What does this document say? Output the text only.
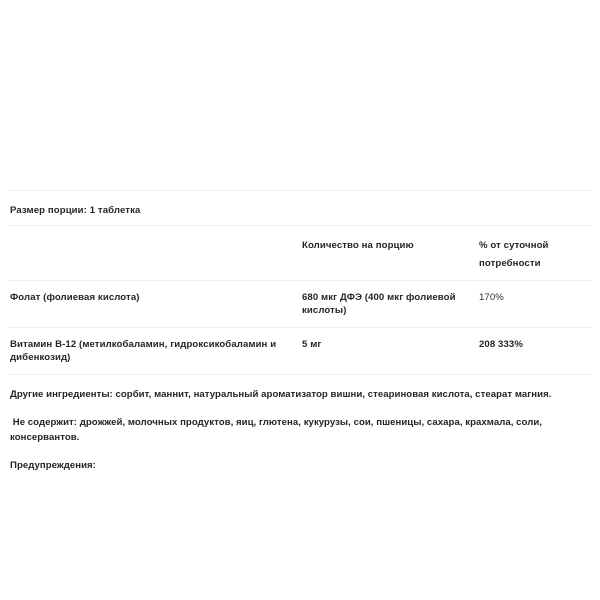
Размер порции: 1 таблетка		
	Количество на порцию	% от суточной потребности
Фолат (фолиевая кислота)	680 мкг ДФЭ (400 мкг фолиевой кислоты)	170%
Витамин B-12 (метилкобаламин, гидроксикобаламин и дибенкозид)	5 мг	208 333%

Другие ингредиенты: сорбит, маннит, натуральный ароматизатор вишни, стеариновая кислота, стеарат магния.

Не содержит: дрожжей, молочных продуктов, яиц, глютена, кукурузы, сои, пшеницы, сахара, крахмала, соли, консервантов.

Предупреждения:
